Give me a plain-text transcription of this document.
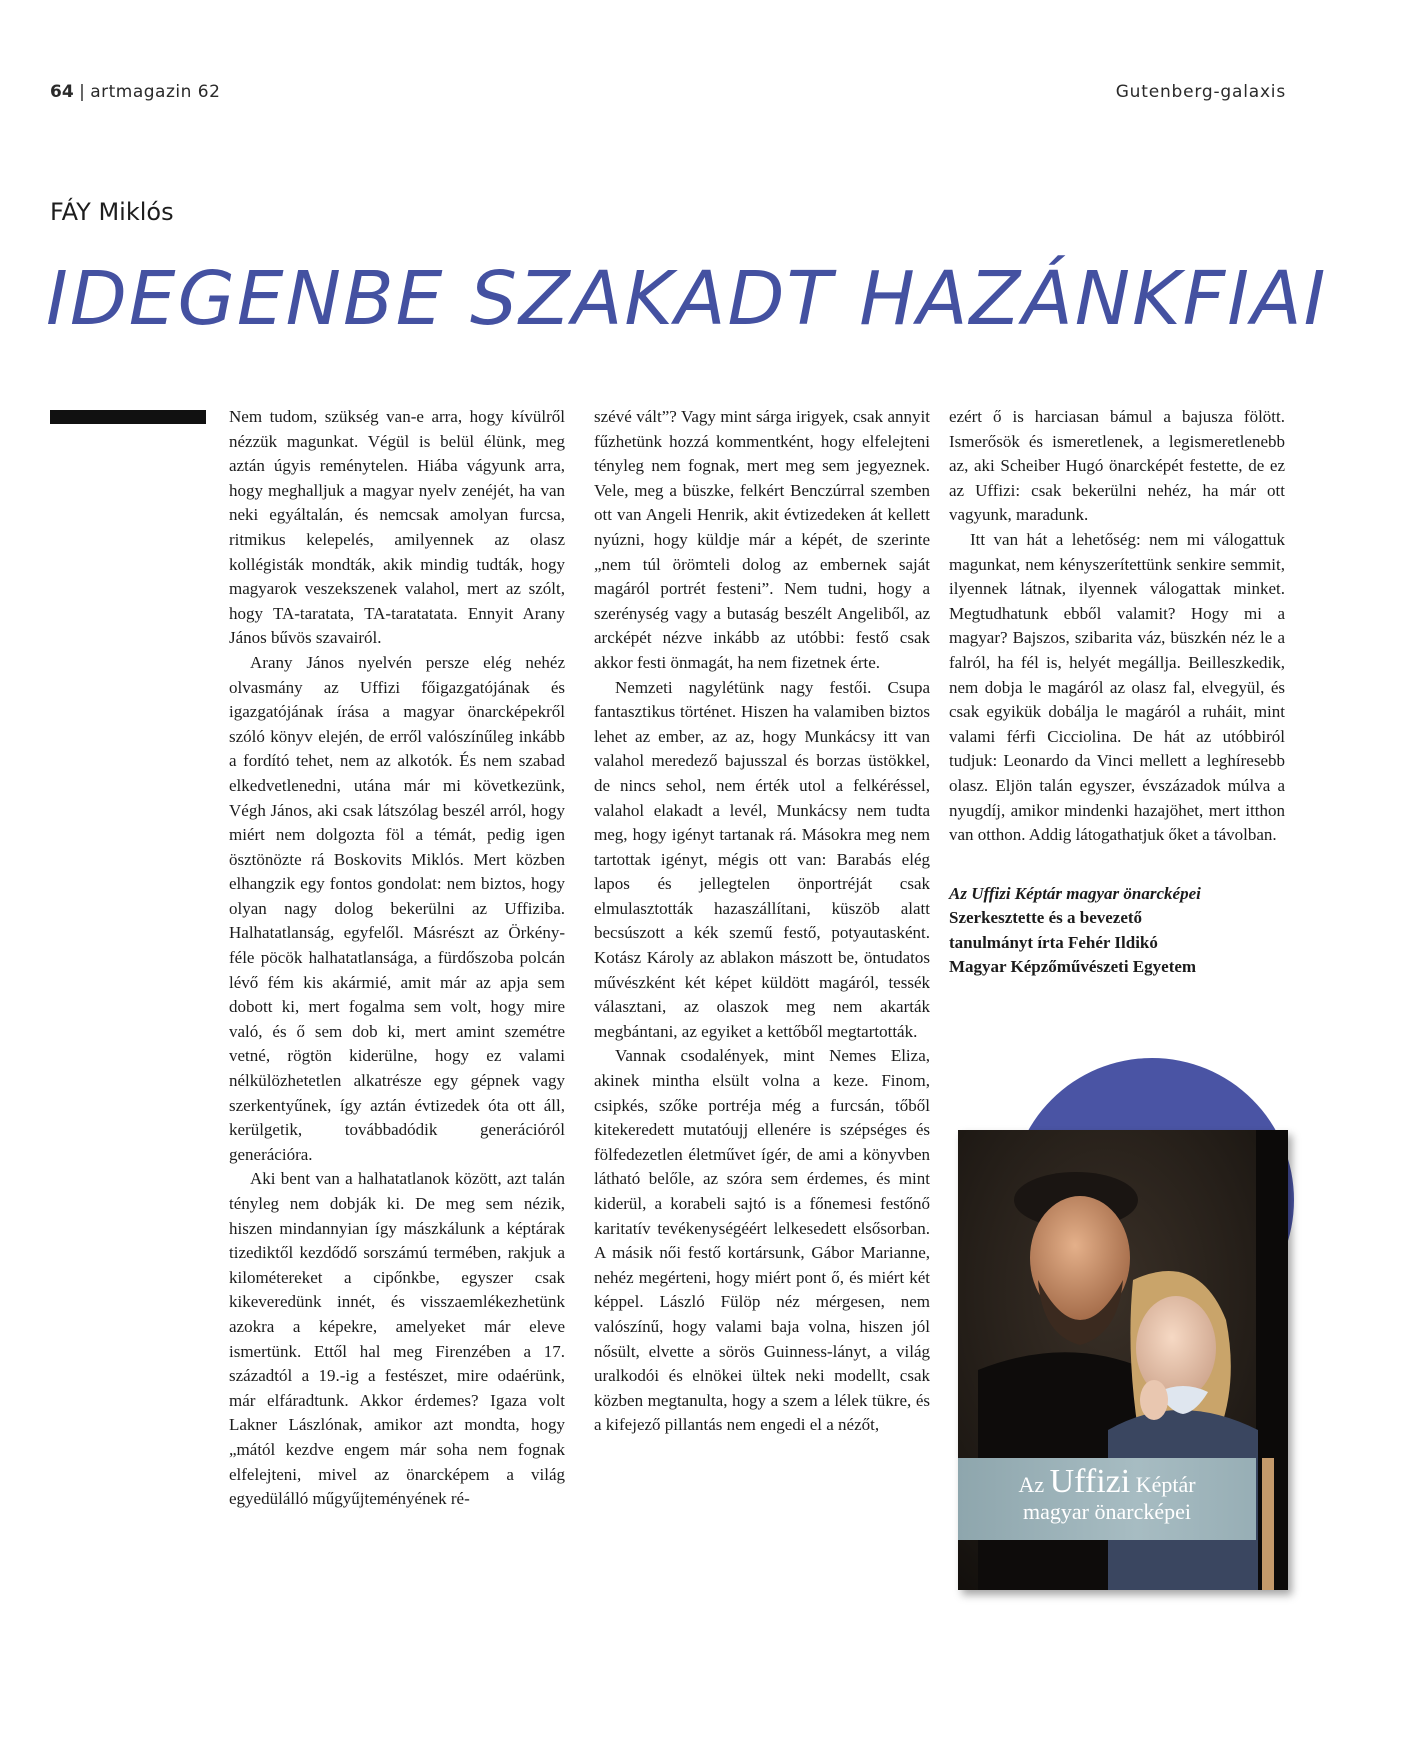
64 | artmagazin 62	Gutenberg-galaxis
FÁY Miklós
IDEGENBE SZAKADT HAZÁNKFIAI

Nem tudom, szükség van-e arra, hogy kívülről nézzük magunkat. Végül is belül élünk, meg aztán úgyis reménytelen. Hiába vágyunk arra, hogy meghalljuk a magyar nyelv zenéjét, ha van neki egyáltalán, és nemcsak amolyan furcsa, ritmikus kelepelés, amilyennek az olasz kollégisták mondták, akik mindig tudták, hogy magyarok veszekszenek valahol, mert az szólt, hogy TA-taratata, TA-taratatata. Ennyit Arany János bűvös szavairól.

Arany János nyelvén persze elég nehéz olvasmány az Uffizi főigazgatójának és igazgatójának írása a magyar önarcképekről szóló könyv elején, de erről valószínűleg inkább a fordító tehet, nem az alkotók. És nem szabad elkedvetlenedni, utána már mi következünk, Végh János, aki csak látszólag beszél arról, hogy miért nem dolgozta föl a témát, pedig igen ösztönözte rá Boskovits Miklós. Mert közben elhangzik egy fontos gondolat: nem biztos, hogy olyan nagy dolog bekerülni az Uffiziba. Halhatatlanság, egyfelől. Másrészt az Örkény-féle pöcök halhatatlansága, a fürdőszoba polcán lévő fém kis akármié, amit már az apja sem dobott ki, mert fogalma sem volt, hogy mire való, és ő sem dob ki, mert amint szemétre vetné, rögtön kiderülne, hogy ez valami nélkülözhetetlen alkatrésze egy gépnek vagy szerkentyűnek, így aztán évtizedek óta ott áll, kerülgetik, továbbadódik generációról generációra.

Aki bent van a halhatatlanok között, azt talán tényleg nem dobják ki. De meg sem nézik, hiszen mindannyian így mászkálunk a képtárak tizediktől kezdődő sorszámú termében, rakjuk a kilométereket a cipőnkbe, egyszer csak kikeveredünk innét, és visszaemlékezhetünk azokra a képekre, amelyeket már eleve ismertünk. Ettől hal meg Firenzében a 17. századtól a 19.-ig a festészet, mire odaérünk, már elfáradtunk. Akkor érdemes? Igaza volt Lakner Lászlónak, amikor azt mondta, hogy „mától kezdve engem már soha nem fognak elfelejteni, mivel az önarcképem a világ egyedülálló műgyűjteményének ré-

szévé vált”? Vagy mint sárga irigyek, csak annyit fűzhetünk hozzá kommentként, hogy elfelejteni tényleg nem fognak, mert meg sem jegyeznek. Vele, meg a büszke, felkért Benczúrral szemben ott van Angeli Henrik, akit évtizedeken át kellett nyúzni, hogy küldje már a képét, de szerinte „nem túl örömteli dolog az embernek saját magáról portrét festeni”. Nem tudni, hogy a szerénység vagy a butaság beszélt Angeliből, az arcképét nézve inkább az utóbbi: festő csak akkor festi önmagát, ha nem fizetnek érte.

Nemzeti nagylétünk nagy festői. Csupa fantasztikus történet. Hiszen ha valamiben biztos lehet az ember, az az, hogy Munkácsy itt van valahol meredező bajusszal és borzas üstökkel, de nincs sehol, nem érték utol a felkéréssel, valahol elakadt a levél, Munkácsy nem tudta meg, hogy igényt tartanak rá. Másokra meg nem tartottak igényt, mégis ott van: Barabás elég lapos és jellegtelen önportréját csak elmulasztották hazaszállítani, küszöb alatt becsúszott a kék szemű festő, potyautasként. Kotász Károly az ablakon mászott be, öntudatos művészként két képet küldött magáról, tessék választani, az olaszok meg nem akarták megbántani, az egyiket a kettőből megtartották.

Vannak csodalények, mint Nemes Eliza, akinek mintha elsült volna a keze. Finom, csipkés, szőke portréja még a furcsán, tőből kitekeredett mutatóujj ellenére is szépséges és fölfedezetlen életművet ígér, de ami a könyvben látható belőle, az szóra sem érdemes, és mint kiderül, a korabeli sajtó is a főnemesi festőnő karitatív tevékenységéért lelkesedett elsősorban. A másik női festő kortársunk, Gábor Marianne, nehéz megérteni, hogy miért pont ő, és miért két képpel. László Fülöp néz mérgesen, nem valószínű, hogy valami baja volna, hiszen jól nősült, elvette a sörös Guinness-lányt, a világ uralkodói és elnökei ültek neki modellt, csak közben megtanulta, hogy a szem a lélek tükre, és a kifejező pillantás nem engedi el a nézőt,

ezért ő is harciasan bámul a bajusza fölött. Ismerősök és ismeretlenek, a legismeretlenebb az, aki Scheiber Hugó önarcképét festette, de ez az Uffizi: csak bekerülni nehéz, ha már ott vagyunk, maradunk.

Itt van hát a lehetőség: nem mi válogattuk magunkat, nem kényszerítettünk senkire semmit, ilyennek látnak, ilyennek válogattak minket. Megtudhatunk ebből valamit? Hogy mi a magyar? Bajszos, szibarita váz, büszkén néz le a falról, ha fél is, helyét megállja. Beilleszkedik, nem dobja le magáról az olasz fal, elvegyül, és csak egyikük dobálja le magáról a ruháit, mint valami férfi Cicciolina. De hát az utóbbiról tudjuk: Leonardo da Vinci mellett a leghíresebb olasz. Eljön talán egyszer, évszázadok múlva a nyugdíj, amikor mindenki hazajöhet, mert itthon van otthon. Addig látogathatjuk őket a távolban.

Az Uffizi Képtár magyar önarcképei
Szerkesztette és a bevezető
tanulmányt írta Fehér Ildikó
Magyar Képzőművészeti Egyetem
Az Uffizi Képtár
magyar önarcképei
